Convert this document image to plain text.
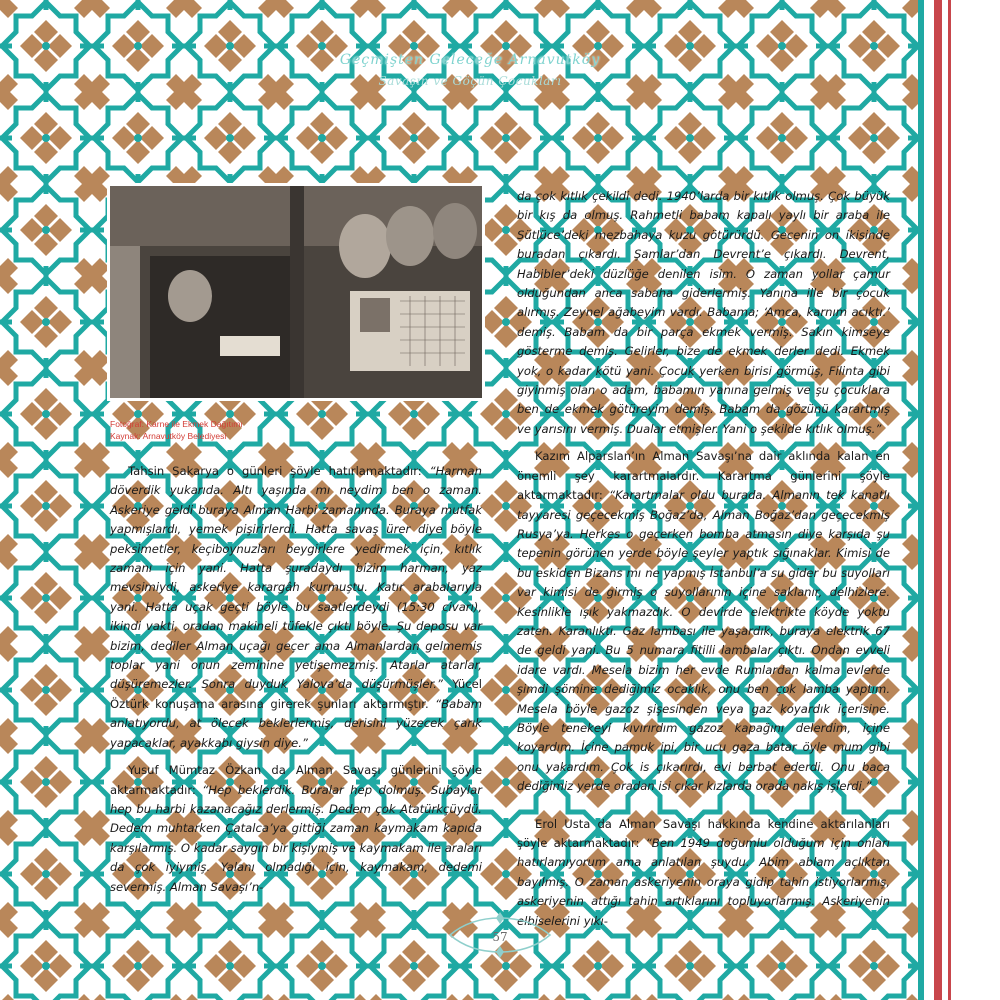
Geçmişten Geleceğe Arnavutköy
Savaşın ve Göçün Çocukları
Fotoğraf: Karne ile Ekmek Dağıtımı
Kaynak: Arnavutköy Belediyesi

Tahsin Sakarya o günleri şöyle hatırlamaktadır: “Harman döverdik yukarıda. Altı yaşında mı neydim ben o zaman. Askeriye geldi buraya Alman Harbi zamanında. Buraya mutfak yapmışlardı, yemek pişirirlerdi. Hatta savaş ürer diye böyle peksimetler, keçiboynuzları beygirlere yedirmek için, kıtlık zamanı için yani. Hatta şuradaydı bizim harman, yaz mevsimiydi, askeriye karargâh kurmuştu. Katır arabalarıyla yani. Hatta uçak geçti böyle bu saatlerdeydi (15:30 civarı), ikindi vakti, oradan makineli tüfekle çıktı böyle. Şu deposu var bizim, dediler Alman uçağı geçer ama Almanlardan gelmemiş toplar yani onun zeminine yetişemezmiş. Atarlar atarlar, düşüremezler. Sonra duyduk Yalova’da düşürmüşler.” Yücel Öztürk konuşama arasına girerek şunları aktarmıştır. “Babam anlatıyordu, at ölecek beklerlermiş, derisini yüzecek çarık yapacaklar, ayakkabı giysin diye.”

Yusuf Mümtaz Özkan da Alman Savaşı günlerini şöyle aktarmaktadır: “Hep beklerdik. Buralar hep dolmuş. Subaylar hep bu harbi kazanacağız derlermiş. Dedem çok Atatürkçüydü. Dedem muhtarken Çatalca’ya gittiği zaman kaymakam kapıda karşılarmış. O kadar saygın bir kişiymiş ve kaymakam ile araları da çok iyiymiş. Yalanı olmadığı için, kaymakam, dedemi severmiş. Alman Savaşı’n-

da çok kıtlık çekildi dedi. 1940’larda bir kıtlık olmuş. Çok büyük bir kış da olmuş. Rahmetli babam kapalı yaylı bir araba ile Sütlüce’deki mezbahaya kuzu götürürdü. Gecenin on ikisinde buradan çıkardı. Şamlar’dan Devrent’e çıkardı. Devrent, Habibler’deki düzlüğe denilen isim. O zaman yollar çamur olduğundan anca sabaha giderlermiş. Yanına ille bir çocuk alırmış. Zeynel ağabeyim vardı. Babama; ‘Amca, karnım acıktı.’ demiş. Babam da bir parça ekmek vermiş. Sakın kimseye gösterme demiş. Gelirler, bize de ekmek derler dedi. Ekmek yok, o kadar kötü yani. Çocuk yerken birisi görmüş, Filinta gibi giyinmiş olan o adam, babamın yanına gelmiş ve şu çocuklara ben de ekmek götüreyim demiş. Babam da gözünü karartmış ve yarısını vermiş. Dualar etmişler. Yani o şekilde kıtlık olmuş.”

Kazım Alparslan’ın Alman Savaşı’na dair aklında kalan en önemli şey karartmalardır. Karartma günlerini şöyle aktarmaktadır: “Karartmalar oldu burada. Almanın tek kanatlı tayyaresi geçecekmiş Boğaz’da, Alman Boğaz’dan geçecekmiş Rusya’ya. Herkes o geçerken bomba atmasın diye karşıda şu tepenin görünen yerde böyle şeyler yaptık sığınaklar. Kimisi de bu eskiden Bizans mı ne yapmış İstanbul’a su gider bu suyolları var kimisi de girmiş o suyollarının içine saklanır, delhizlere. Kesinlikle ışık yakmazdık. O devirde elektrikte köyde yoktu zaten. Karanlıktı. Gaz lambası ile yaşardık, buraya elektrik 67 de geldi yani. Bu 5 numara fitilli lambalar çıktı. Ondan evveli idare vardı. Mesela bizim her evde Rumlardan kalma evlerde şimdi şömine dediğimiz ocaklık, onu ben çok lamba yaptım. Mesela böyle gazoz şişesinden veya gaz koyardık içerisine. Böyle tenekeyi kıvırırdım gazoz kapağını delerdim, içine koyardım. İçine pamuk ipi, bir ucu gaza batar öyle mum gibi onu yakardım. Çok is çıkarırdı, evi berbat ederdi. Onu baca dediğimiz yerde oradan isi çıkar kızlarda orada nakış işlerdi.”

Erol Usta da Alman Savaşı hakkında kendine aktarılanları şöyle aktarmaktadır: “Ben 1949 doğumlu olduğum için onları hatırlamıyorum ama anlatılan şuydu. Abim ablam açlıktan bayılmış. O zaman askeriyenin oraya gidip tahin istiyorlarmış, askeriyenin attığı tahin artıklarını topluyorlarmış. Askeriyenin elbiselerini yıkı-

57
